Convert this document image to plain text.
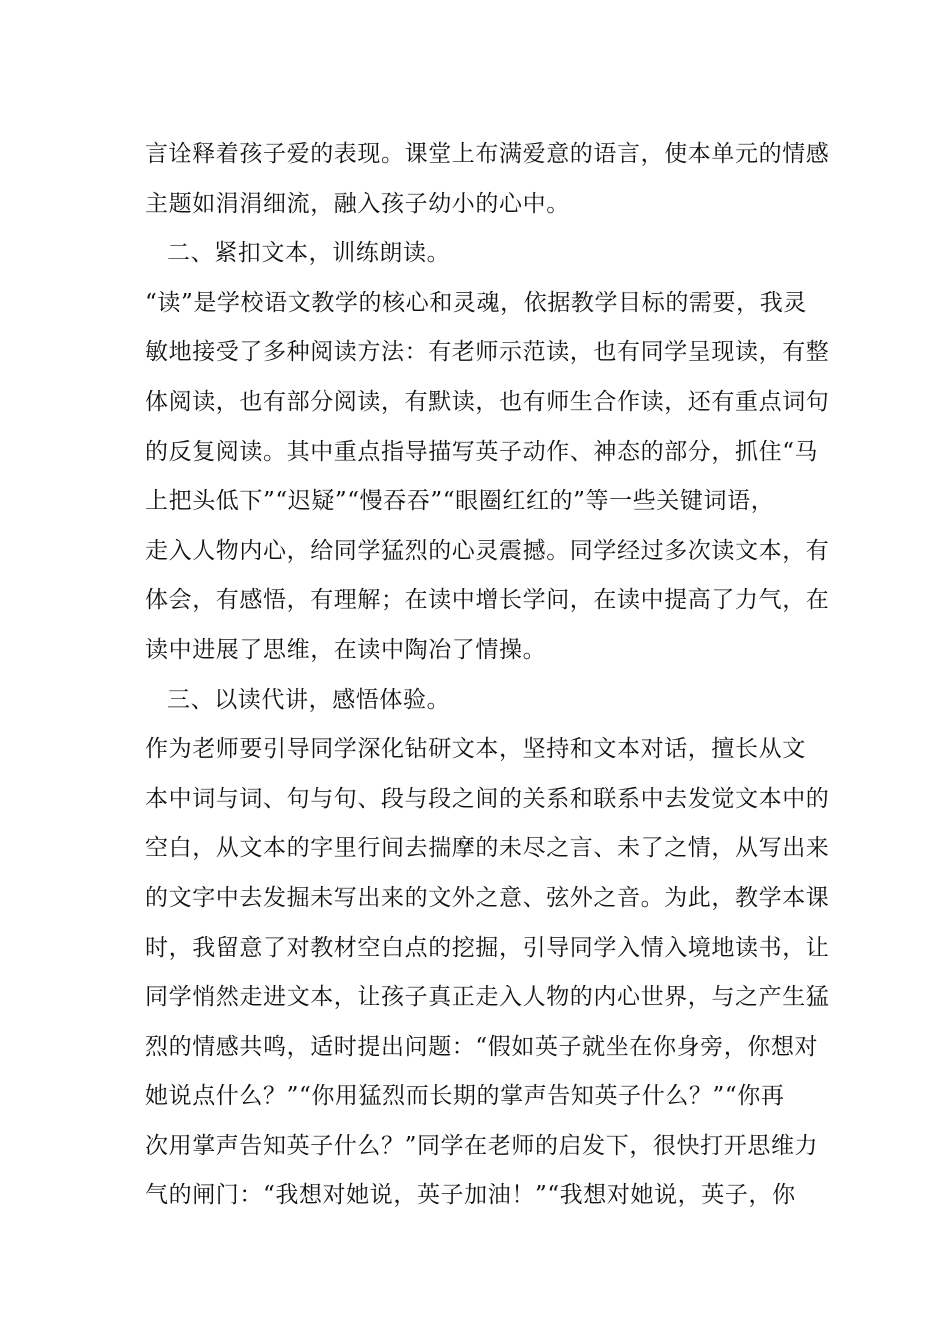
言诠释着孩子爱的表现。课堂上布满爱意的语言，使本单元的情感
主题如涓涓细流，融入孩子幼小的心中。
二、紧扣文本，训练朗读。
“读”是学校语文教学的核心和灵魂，依据教学目标的需要，我灵
敏地接受了多种阅读方法：有老师示范读，也有同学呈现读，有整
体阅读，也有部分阅读，有默读，也有师生合作读，还有重点词句
的反复阅读。其中重点指导描写英子动作、神态的部分，抓住“马
上把头低下”“迟疑”“慢吞吞”“眼圈红红的”等一些关键词语，
走入人物内心，给同学猛烈的心灵震撼。同学经过多次读文本，有
体会，有感悟，有理解；在读中增长学问，在读中提高了力气，在
读中进展了思维，在读中陶冶了情操。
三、以读代讲，感悟体验。
作为老师要引导同学深化钻研文本，坚持和文本对话，擅长从文
本中词与词、句与句、段与段之间的关系和联系中去发觉文本中的
空白，从文本的字里行间去揣摩的未尽之言、未了之情，从写出来
的文字中去发掘未写出来的文外之意、弦外之音。为此，教学本课
时，我留意了对教材空白点的挖掘，引导同学入情入境地读书，让
同学悄然走进文本，让孩子真正走入人物的内心世界，与之产生猛
烈的情感共鸣，适时提出问题：“假如英子就坐在你身旁，你想对
她说点什么？”“你用猛烈而长期的掌声告知英子什么？”“你再
次用掌声告知英子什么？”同学在老师的启发下，很快打开思维力
气的闸门：“我想对她说，英子加油！”“我想对她说，英子，你
